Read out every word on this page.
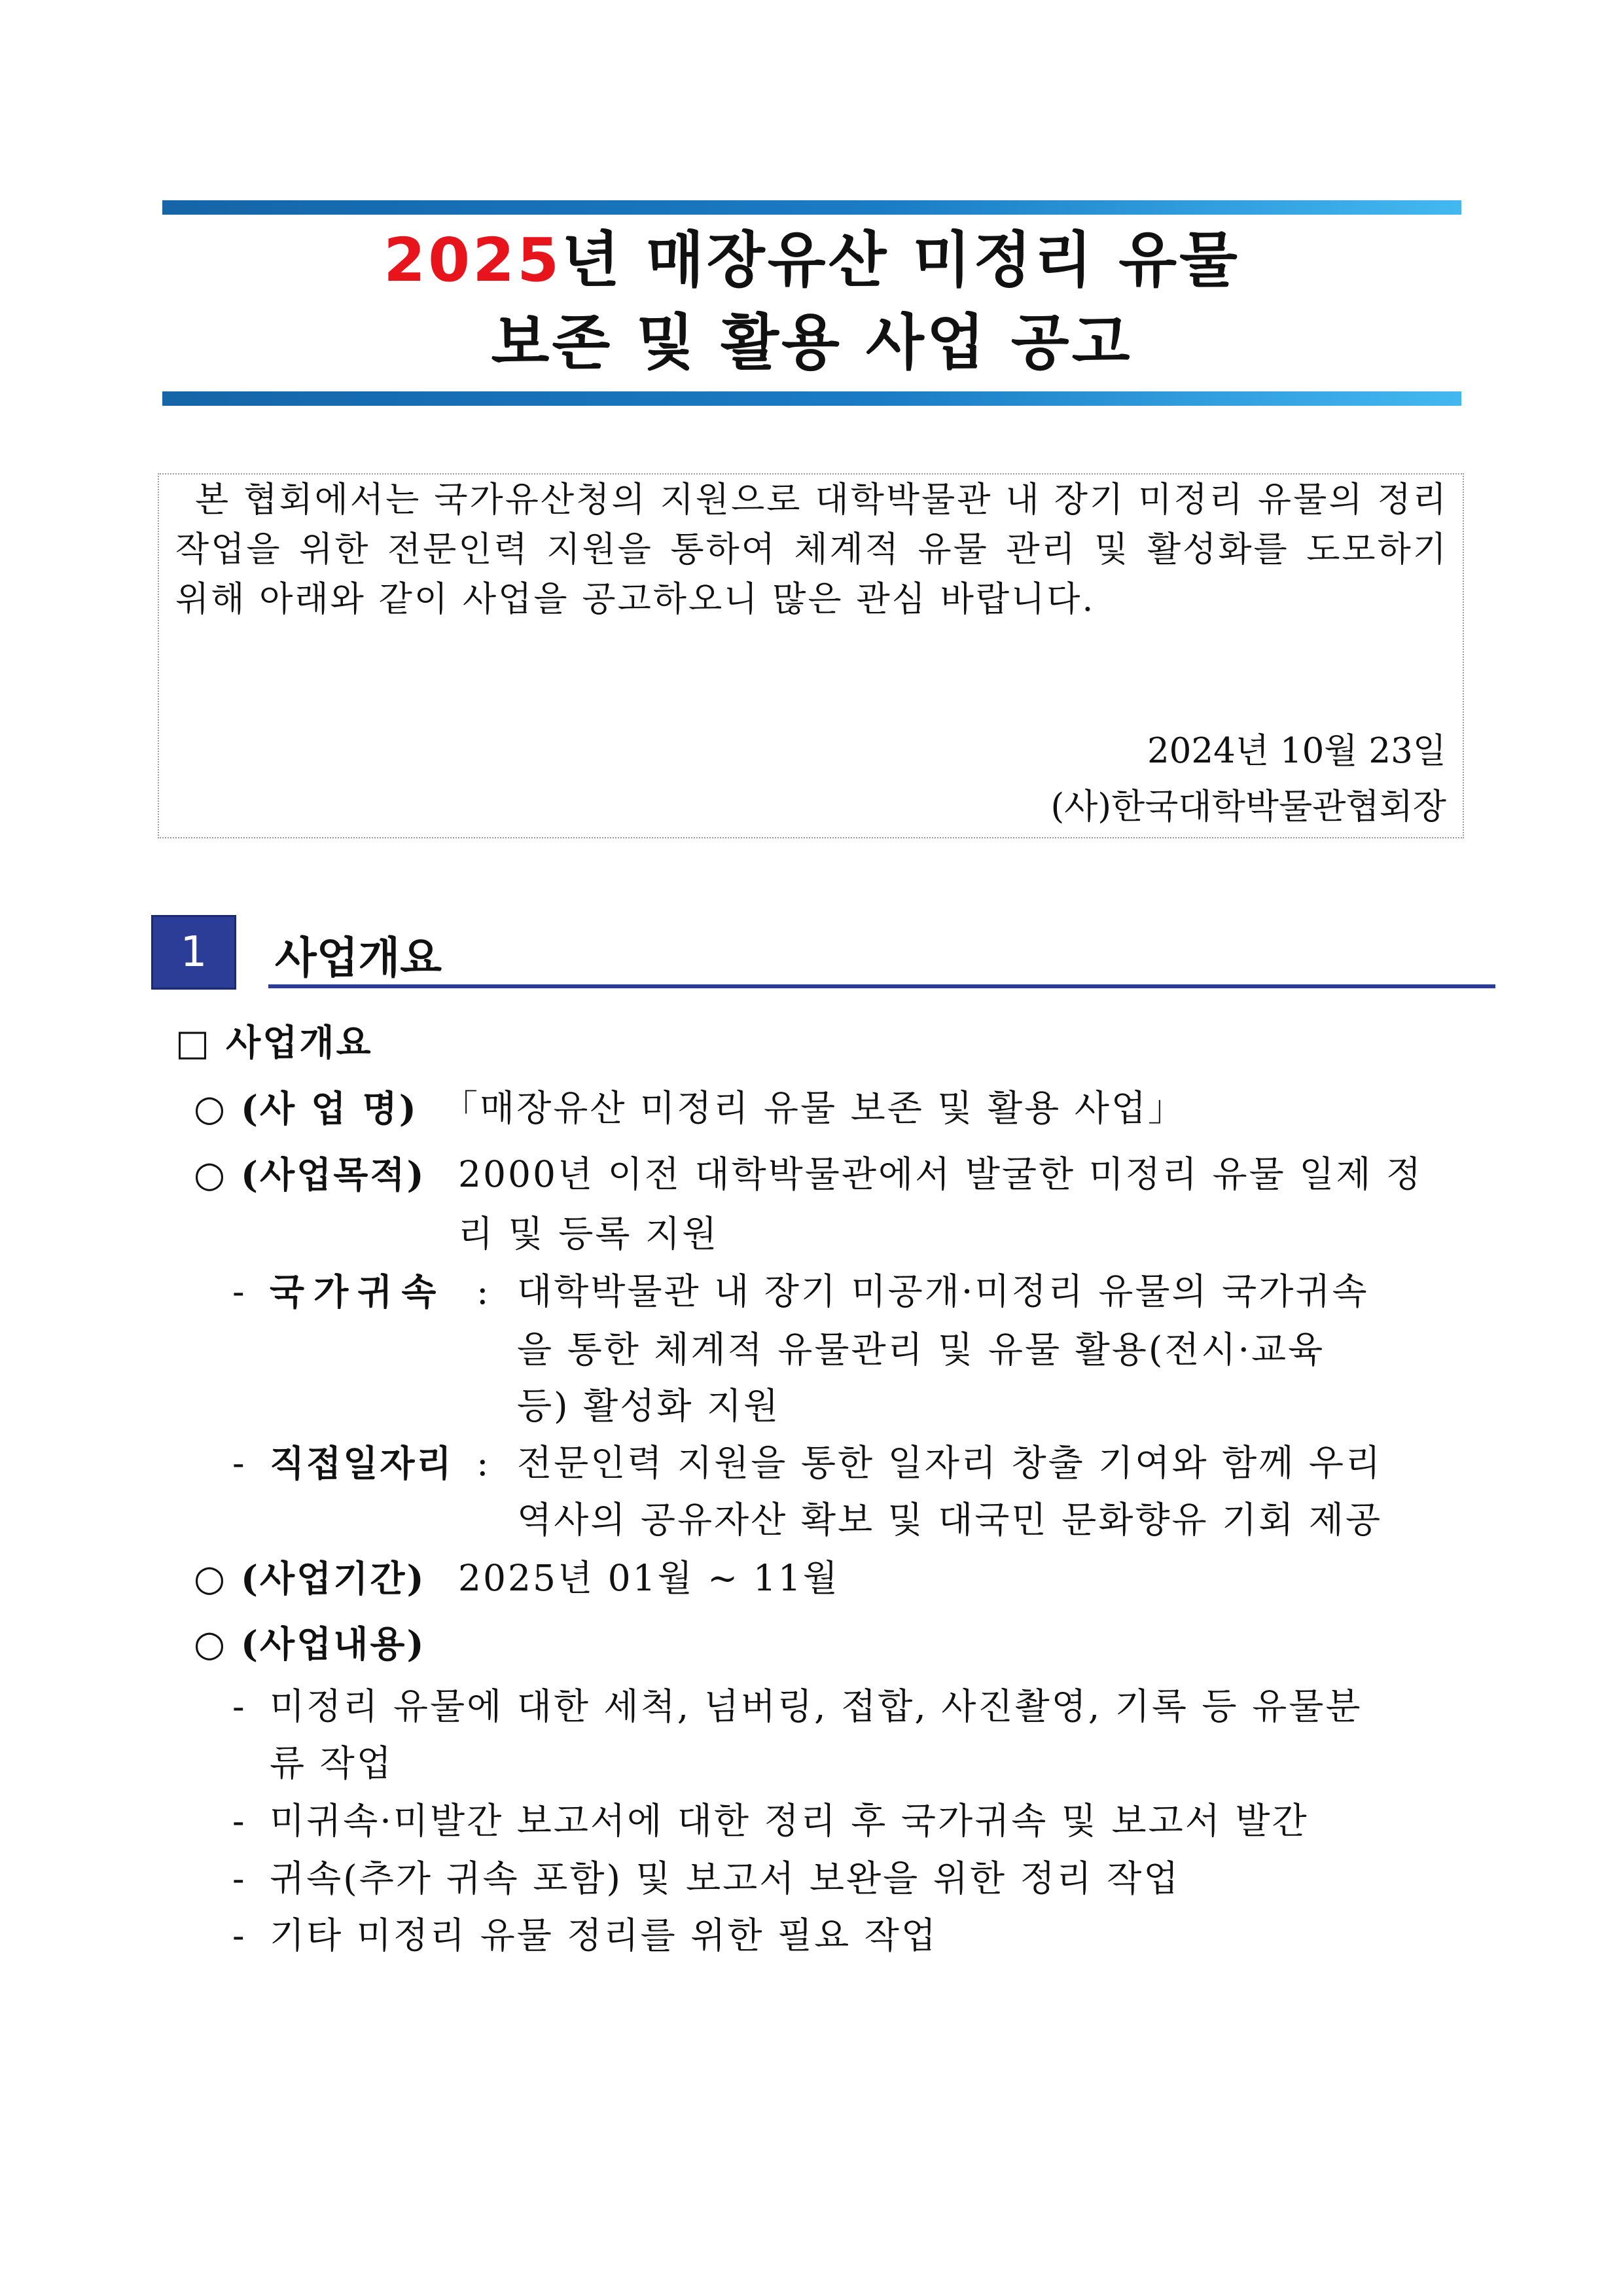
2025년 매장유산 미정리 유물
보존 및 활용 사업 공고
본 협회에서는 국가유산청의 지원으로 대학박물관 내 장기 미정리 유물의 정리 작업을 위한 전문인력 지원을 통하여 체계적 유물 관리 및 활성화를 도모하기 위해 아래와 같이 사업을 공고하오니 많은 관심 바랍니다.
2024년 10월 23일
(사)한국대학박물관협회장
1	사업개요
□ 사업개요
○ (사 업 명) 「매장유산 미정리 유물 보존 및 활용 사업」
○ (사업목적) 2000년 이전 대학박물관에서 발굴한 미정리 유물 일제 정
리 및 등록 지원
- 국가귀속 : 대학박물관 내 장기 미공개·미정리 유물의 국가귀속
을 통한 체계적 유물관리 및 유물 활용(전시·교육
등) 활성화 지원
- 직접일자리 : 전문인력 지원을 통한 일자리 창출 기여와 함께 우리
역사의 공유자산 확보 및 대국민 문화향유 기회 제공
○ (사업기간) 2025년 01월 ~ 11월
○ (사업내용)
- 미정리 유물에 대한 세척, 넘버링, 접합, 사진촬영, 기록 등 유물분
류 작업
- 미귀속·미발간 보고서에 대한 정리 후 국가귀속 및 보고서 발간
- 귀속(추가 귀속 포함) 및 보고서 보완을 위한 정리 작업
- 기타 미정리 유물 정리를 위한 필요 작업
